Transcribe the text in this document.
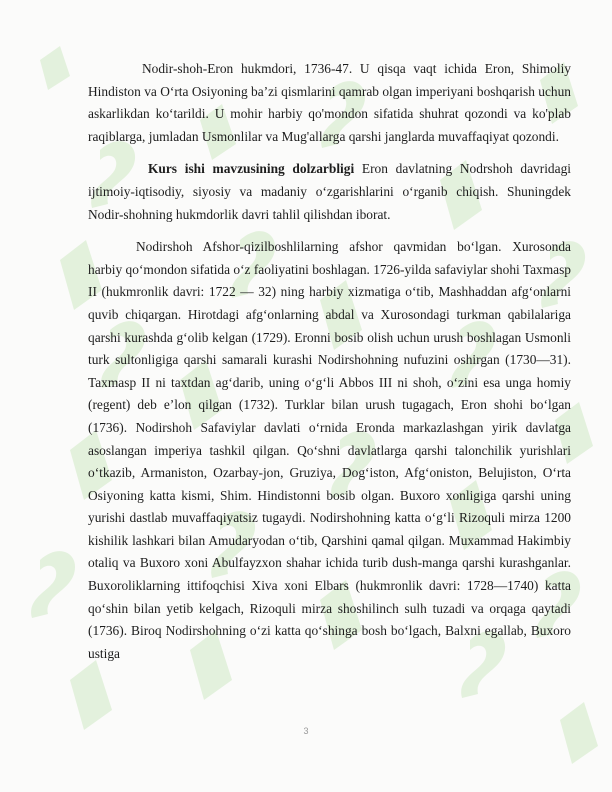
Nodir-shoh-Eron hukmdori, 1736-47. U qisqa vaqt ichida Eron, Shimoliy Hindiston va O‘rta Osiyoning ba’zi qismlarini qamrab olgan imperiyani boshqarish uchun askarlikdan ko‘tarildi. U mohir harbiy qo'mondon sifatida shuhrat qozondi va ko'plab raqiblarga, jumladan Usmonlilar va Mug'allarga qarshi janglarda muvaffaqiyat qozondi.

Kurs ishi mavzusining dolzarbligi Eron davlatning Nodrshoh davridagi ijtimoiy-iqtisodiy, siyosiy va madaniy o‘zgarishlarini o‘rganib chiqish. Shuningdek Nodir-shohning hukmdorlik davri tahlil qilishdan iborat.

Nodirshoh Afshor-qizilboshlilarning afshor qavmidan bo‘lgan. Xurosonda harbiy qo‘mondon sifatida o‘z faoliyatini boshlagan. 1726-yilda safaviylar shohi Taxmasp II (hukmronlik davri: 1722 — 32) ning harbiy xizmatiga o‘tib, Mashhaddan afg‘onlarni quvib chiqargan. Hirotdagi afg‘onlarning abdal va Xurosondagi turkman qabilalariga qarshi kurashda g‘olib kelgan (1729). Eronni bosib olish uchun urush boshlagan Usmonli turk sultonligiga qarshi samarali kurashi Nodirshohning nufuzini oshirgan (1730—31). Taxmasp II ni taxtdan ag‘darib, uning o‘g‘li Abbos III ni shoh, o‘zini esa unga homiy (regent) deb e’lon qilgan (1732). Turklar bilan urush tugagach, Eron shohi bo‘lgan (1736). Nodirshoh Safaviylar davlati o‘rnida Eronda markazlashgan yirik davlatga asoslangan imperiya tashkil qilgan. Qo‘shni davlatlarga qarshi talonchilik yurishlari o‘tkazib, Armaniston, Ozarbay-jon, Gruziya, Dog‘iston, Afg‘oniston, Belujiston, O‘rta Osiyoning katta kismi, Shim. Hindistonni bosib olgan. Buxoro xonligiga qarshi uning yurishi dastlab muvaffaqiyatsiz tugaydi. Nodirshohning katta o‘g‘li Rizoquli mirza 1200 kishilik lashkari bilan Amudaryodan o‘tib, Qarshini qamal qilgan. Muxammad Hakimbiy otaliq va Buxoro xoni Abulfayzxon shahar ichida turib dush-manga qarshi kurashganlar. Buxoroliklarning ittifoqchisi Xiva xoni Elbars (hukmronlik davri: 1728—1740) katta qo‘shin bilan yetib kelgach, Rizoquli mirza shoshilinch sulh tuzadi va orqaga qaytadi (1736). Biroq Nodirshohning o‘zi katta qo‘shinga bosh bo‘lgach, Balxni egallab, Buxoro ustiga

3
